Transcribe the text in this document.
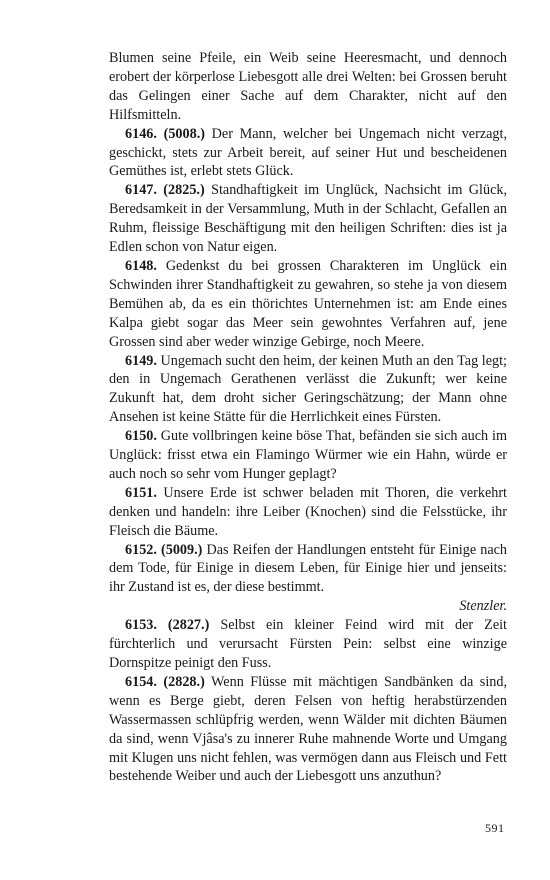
Blumen seine Pfeile, ein Weib seine Heeresmacht, und dennoch erobert der körperlose Liebesgott alle drei Welten: bei Grossen beruht das Gelingen einer Sache auf dem Charakter, nicht auf den Hilfsmitteln.

6146. (5008.) Der Mann, welcher bei Ungemach nicht verzagt, geschickt, stets zur Arbeit bereit, auf seiner Hut und bescheidenen Gemüthes ist, erlebt stets Glück.

6147. (2825.) Standhaftigkeit im Unglück, Nachsicht im Glück, Beredsamkeit in der Versammlung, Muth in der Schlacht, Gefallen an Ruhm, fleissige Beschäftigung mit den heiligen Schriften: dies ist ja Edlen schon von Natur eigen.

6148. Gedenkst du bei grossen Charakteren im Unglück ein Schwinden ihrer Standhaftigkeit zu gewahren, so stehe ja von diesem Bemühen ab, da es ein thörichtes Unternehmen ist: am Ende eines Kalpa giebt sogar das Meer sein gewohntes Verfahren auf, jene Grossen sind aber weder winzige Gebirge, noch Meere.

6149. Ungemach sucht den heim, der keinen Muth an den Tag legt; den in Ungemach Gerathenen verlässt die Zukunft; wer keine Zukunft hat, dem droht sicher Geringschätzung; der Mann ohne Ansehen ist keine Stätte für die Herrlichkeit eines Fürsten.

6150. Gute vollbringen keine böse That, befänden sie sich auch im Unglück: frisst etwa ein Flamingo Würmer wie ein Hahn, würde er auch noch so sehr vom Hunger geplagt?

6151. Unsere Erde ist schwer beladen mit Thoren, die verkehrt denken und handeln: ihre Leiber (Knochen) sind die Felsstücke, ihr Fleisch die Bäume.

6152. (5009.) Das Reifen der Handlungen entsteht für Einige nach dem Tode, für Einige in diesem Leben, für Einige hier und jenseits: ihr Zustand ist es, der diese bestimmt.

Stenzler.

6153. (2827.) Selbst ein kleiner Feind wird mit der Zeit fürchterlich und verursacht Fürsten Pein: selbst eine winzige Dornspitze peinigt den Fuss.

6154. (2828.) Wenn Flüsse mit mächtigen Sandbänken da sind, wenn es Berge giebt, deren Felsen von heftig herabstürzenden Wassermassen schlüpfrig werden, wenn Wälder mit dichten Bäumen da sind, wenn Vjâsa's zu innerer Ruhe mahnende Worte und Umgang mit Klugen uns nicht fehlen, was vermögen dann aus Fleisch und Fett bestehende Weiber und auch der Liebesgott uns anzuthun?

591
